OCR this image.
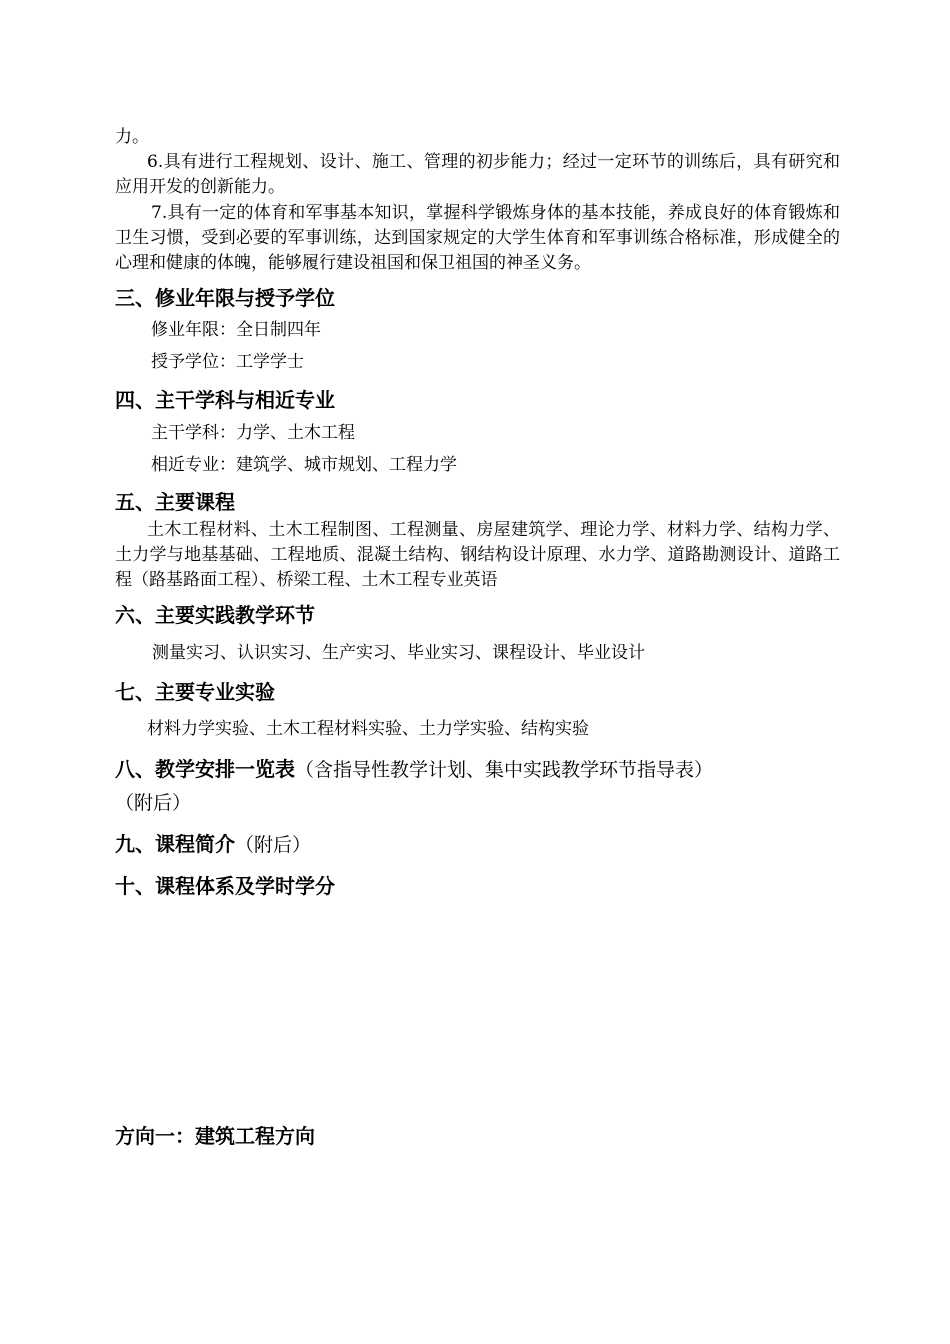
力。

6.具有进行工程规划、设计、施工、管理的初步能力；经过一定环节的训练后，具有研究和应用开发的创新能力。

7.具有一定的体育和军事基本知识，掌握科学锻炼身体的基本技能，养成良好的体育锻炼和卫生习惯，受到必要的军事训练，达到国家规定的大学生体育和军事训练合格标准，形成健全的心理和健康的体魄，能够履行建设祖国和保卫祖国的神圣义务。

三、修业年限与授予学位

修业年限：全日制四年

授予学位：工学学士

四、主干学科与相近专业

主干学科：力学、土木工程

相近专业：建筑学、城市规划、工程力学

五、主要课程

土木工程材料、土木工程制图、工程测量、房屋建筑学、理论力学、材料力学、结构力学、土力学与地基基础、工程地质、混凝土结构、钢结构设计原理、水力学、道路勘测设计、道路工程（路基路面工程）、桥梁工程、土木工程专业英语

六、主要实践教学环节

测量实习、认识实习、生产实习、毕业实习、课程设计、毕业设计

七、主要专业实验

材料力学实验、土木工程材料实验、土力学实验、结构实验

八、教学安排一览表（含指导性教学计划、集中实践教学环节指导表）

（附后）

九、课程简介（附后）
十、课程体系及学时学分
方向一：建筑工程方向
